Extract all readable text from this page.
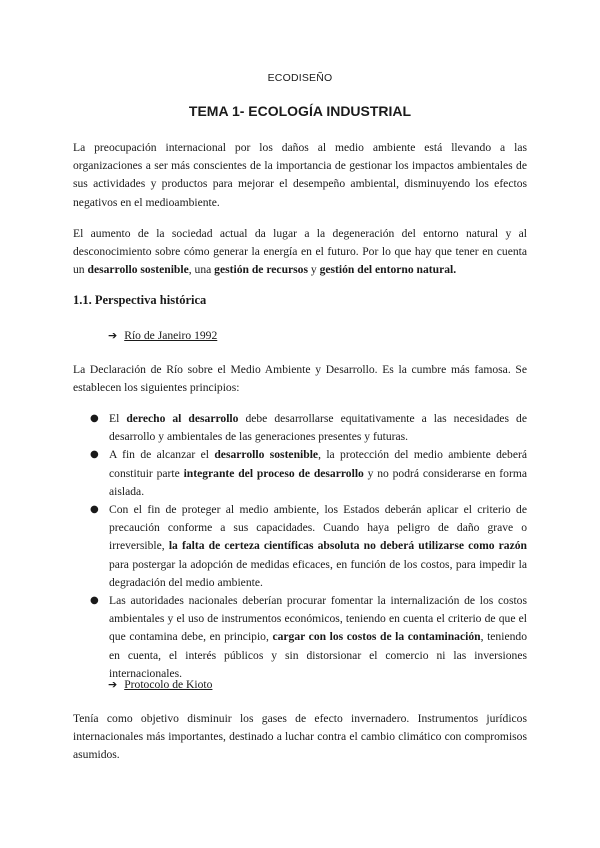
ECODISEÑO
TEMA 1- ECOLOGÍA INDUSTRIAL

La preocupación internacional por los daños al medio ambiente está llevando a las organizaciones a ser más conscientes de la importancia de gestionar los impactos ambientales de sus actividades y productos para mejorar el desempeño ambiental, disminuyendo los efectos negativos en el medioambiente.

El aumento de la sociedad actual da lugar a la degeneración del entorno natural y al desconocimiento sobre cómo generar la energía en el futuro. Por lo que hay que tener en cuenta un desarrollo sostenible, una gestión de recursos y gestión del entorno natural.

1.1. Perspectiva histórica
➔ Río de Janeiro 1992

La Declaración de Río sobre el Medio Ambiente y Desarrollo. Es la cumbre más famosa. Se establecen los siguientes principios:

● El derecho al desarrollo debe desarrollarse equitativamente a las necesidades de desarrollo y ambientales de las generaciones presentes y futuras.
● A fin de alcanzar el desarrollo sostenible, la protección del medio ambiente deberá constituir parte integrante del proceso de desarrollo y no podrá considerarse en forma aislada.
● Con el fin de proteger al medio ambiente, los Estados deberán aplicar el criterio de precaución conforme a sus capacidades. Cuando haya peligro de daño grave o irreversible, la falta de certeza científicas absoluta no deberá utilizarse como razón para postergar la adopción de medidas eficaces, en función de los costos, para impedir la degradación del medio ambiente.
● Las autoridades nacionales deberían procurar fomentar la internalización de los costos ambientales y el uso de instrumentos económicos, teniendo en cuenta el criterio de que el que contamina debe, en principio, cargar con los costos de la contaminación, teniendo en cuenta, el interés públicos y sin distorsionar el comercio ni las inversiones internacionales.
➔ Protocolo de Kioto

Tenía como objetivo disminuir los gases de efecto invernadero. Instrumentos jurídicos internacionales más importantes, destinado a luchar contra el cambio climático con compromisos asumidos.
